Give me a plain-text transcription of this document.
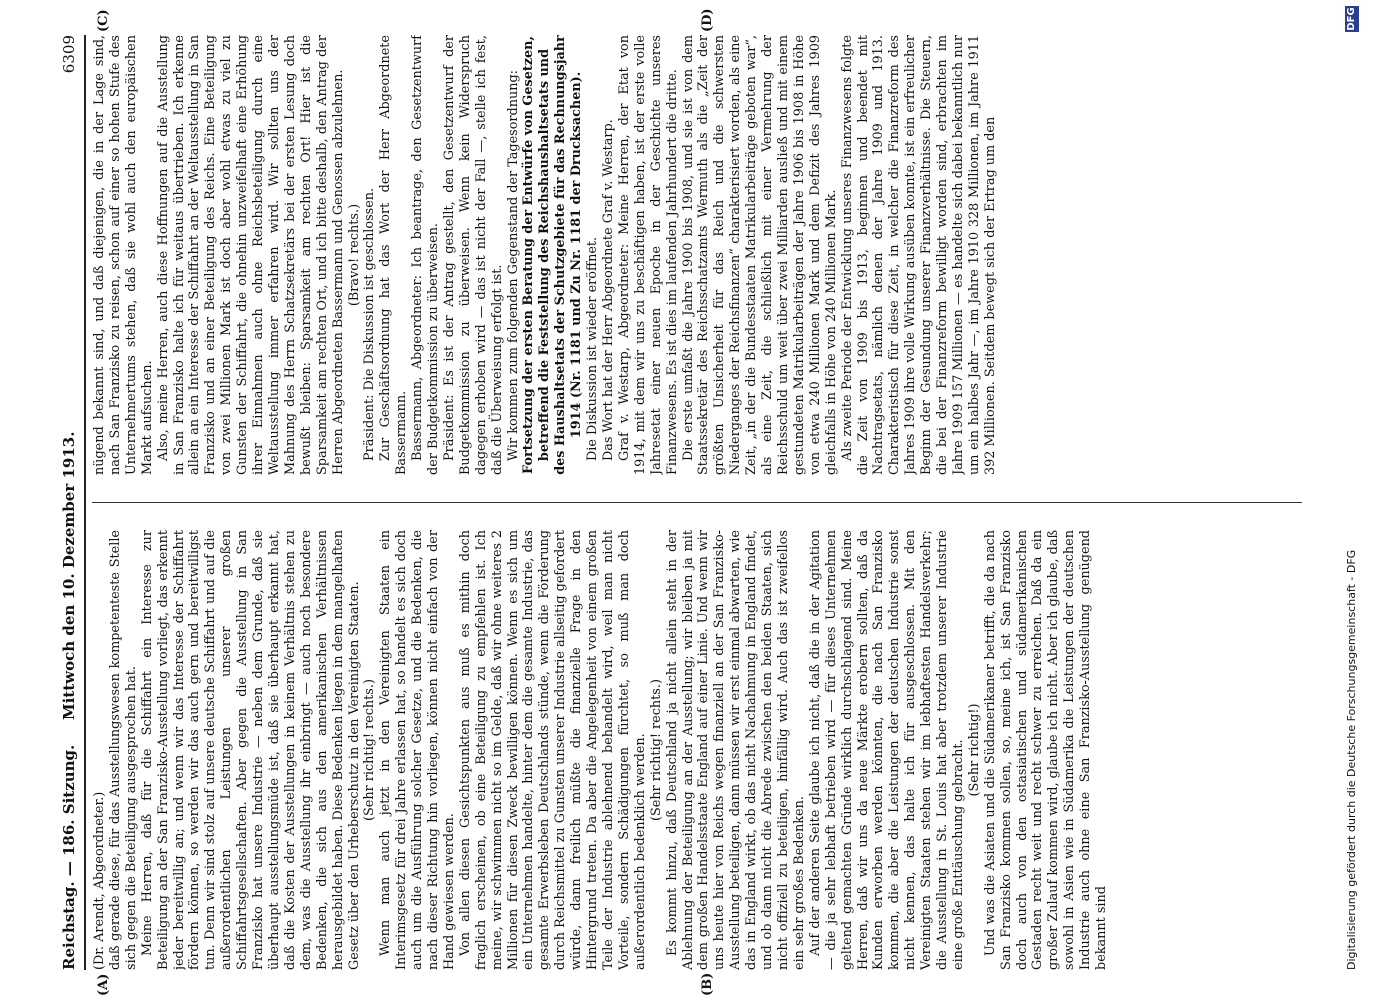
Reichstag. — 186. Sitzung.
Mittwoch den 10. Dezember 1913.
6309
(A)	(B)
(C)	(D)

(Dr. Arendt, Abgeordneter.) daß gerade diese, für das Ausstellungswesen kompetenteste Stelle sich gegen die Beteiligung ausgesprochen hat. Meine Herren, daß für die Schiffahrt ein Interesse zur Beteiligung an der San Franzisko-Ausstellung vorliegt, das erkennt jeder bereitwillig an; und wenn wir das Interesse der Schiffahrt fördern können, so werden wir das auch gern und bereitwilligst tun. Denn wir sind stolz auf unsere deutsche Schiffahrt und auf die außerordentlichen Leistungen unserer großen Schiffahrtsgesellschaften. Aber gegen die Ausstellung in San Franzisko hat unsere Industrie — neben dem Grunde, daß sie überhaupt ausstellungsmüde ist, daß sie überhaupt erkannt hat, daß die Kosten der Ausstellungen in keinem Verhältnis stehen zu dem, was die Ausstellung ihr einbringt — auch noch besondere Bedenken, die sich aus den amerikanischen Verhältnissen herausgebildet haben. Diese Bedenken liegen in dem mangelhaften Gesetz über den Urheberschutz in den Vereinigten Staaten. (Sehr richtig! rechts.) Wenn man auch jetzt in den Vereinigten Staaten ein Interimsgesetz für drei Jahre erlassen hat, so handelt es sich doch auch um die Ausführung solcher Gesetze, und die Bedenken, die nach dieser Richtung hin vorliegen, können nicht einfach von der Hand gewiesen werden. Von allen diesen Gesichtspunkten aus muß es mithin doch fraglich erscheinen, ob eine Beteiligung zu empfehlen ist. Ich meine, wir schwimmen nicht so im Gelde, daß wir ohne weiteres 2 Millionen für diesen Zweck bewilligen können. Wenn es sich um ein Unternehmen handelte, hinter dem die gesamte Industrie, das gesamte Erwerbsleben Deutschlands stünde, wenn die Förderung durch Reichsmittel zu Gunsten unserer Industrie allseitig gefordert würde, dann freilich müßte die finanzielle Frage in den Hintergrund treten. Da aber die Angelegenheit von einem großen Teile der Industrie ablehnend behandelt wird, weil man nicht Vorteile, sondern Schädigungen fürchtet, so muß man doch außerordentlich bedenklich werden. (Sehr richtig! rechts.) Es kommt hinzu, daß Deutschland ja nicht allein steht in der Ablehnung der Beteiligung an der Ausstellung; wir bleiben ja mit dem großen Handelsstaate England auf einer Linie. Und wenn wir uns heute hier von Reichs wegen finanziell an der San Franzisko-Ausstellung beteiligen, dann müssen wir erst einmal abwarten, wie das in England wirkt, ob das nicht Nachahmung in England findet, und ob dann nicht die Abrede zwischen den beiden Staaten, sich nicht offiziell zu beteiligen, hinfällig wird. Auch das ist zweifellos ein sehr großes Bedenken. Auf der anderen Seite glaube ich nicht, daß die in der Agitation — die ja sehr lebhaft betrieben wird — für dieses Unternehmen geltend gemachten Gründe wirklich durchschlagend sind. Meine Herren, daß wir uns da neue Märkte erobern sollten, daß da Kunden erworben werden könnten, die nach San Franzisko kommen, die aber die Leistungen der deutschen Industrie sonst nicht kennen, das halte ich für ausgeschlossen. Mit den Vereinigten Staaten stehen wir im lebhaftesten Handelsverkehr; die Ausstellung in St. Louis hat aber trotzdem unserer Industrie eine große Enttäuschung gebracht. (Sehr richtig!) Und was die Asiaten und die Südamerikaner betrifft, die da nach San Franzisko kommen sollen, so, meine ich, ist San Franzisko doch auch von den ostasiatischen und südamerikanischen Gestaden recht weit und recht schwer zu erreichen. Daß da ein großer Zulauf kommen wird, glaube ich nicht. Aber ich glaube, daß sowohl in Asien wie in Südamerika die Leistungen der deutschen Industrie auch ohne eine San Franzisko-Ausstellung genügend bekannt sind

nügend bekannt sind, und daß diejenigen, die in der Lage sind, nach San Franzisko zu reisen, schon auf einer so hohen Stufe des Unternehmertums stehen, daß sie wohl auch den europäischen Markt aufsuchen. Also, meine Herren, auch diese Hoffnungen auf die Ausstellung in San Franzisko halte ich für weitaus übertrieben. Ich erkenne allein an ein Interesse der Schiffahrt an der Weltausstellung in San Franzisko und an einer Beteiligung des Reichs. Eine Beteiligung von zwei Millionen Mark ist doch aber wohl etwas zu viel zu Gunsten der Schiffahrt, die ohnehin unzweifelhaft eine Erhöhung ihrer Einnahmen auch ohne Reichsbeteiligung durch eine Weltausstellung immer erfahren wird. Wir sollten uns der Mahnung des Herrn Schatzsekretärs bei der ersten Lesung doch bewußt bleiben: Sparsamkeit am rechten Ort! Hier ist die Sparsamkeit am rechten Ort, und ich bitte deshalb, den Antrag der Herren Abgeordneten Bassermann und Genossen abzulehnen. (Bravo! rechts.) Präsident: Die Diskussion ist geschlossen. Zur Geschäftsordnung hat das Wort der Herr Abgeordnete Bassermann. Bassermann, Abgeordneter: Ich beantrage, den Gesetzentwurf der Budgetkommission zu überweisen. Präsident: Es ist der Antrag gestellt, den Gesetzentwurf der Budgetkommission zu überweisen. Wenn kein Widerspruch dagegen erhoben wird — das ist nicht der Fall —, stelle ich fest, daß die Überweisung erfolgt ist. Wir kommen zum folgenden Gegenstand der Tagesordnung: Fortsetzung der ersten Beratung der Entwürfe von Gesetzen, betreffend die Feststellung des Reichshaushaltsetats und des Haushaltsetats der Schutzgebiete für das Rechnungsjahr 1914 (Nr. 1181 und Zu Nr. 1181 der Drucksachen). Die Diskussion ist wieder eröffnet. Das Wort hat der Herr Abgeordnete Graf v. Westarp. Graf v. Westarp, Abgeordneter: Meine Herren, der Etat von 1914, mit dem wir uns zu beschäftigen haben, ist der erste volle Jahresetat einer neuen Epoche in der Geschichte unseres Finanzwesens. Es ist dies im laufenden Jahrhundert die dritte. Die erste umfaßt die Jahre 1900 bis 1908, und sie ist von dem Staatssekretär des Reichsschatzamts Wermuth als die „Zeit der größten Unsicherheit für das Reich und die schwersten Niederganges der Reichsfinanzen“ charakterisiert worden, als eine Zeit, „in der die Bundesstaaten Matrikularbeiträge geboten war“, als eine Zeit, die schließlich mit einer Vermehrung der Reichsschuld um weit über zwei Milliarden ausließ und mit einem gestundeten Matrikularbeiträgen der Jahre 1906 bis 1908 in Höhe von etwa 240 Millionen Mark und dem Defizit des Jahres 1909 gleichfalls in Höhe von 240 Millionen Mark. Als zweite Periode der Entwicklung unseres Finanzwesens folgte die Zeit von 1909 bis 1913, beginnen und beendet mit Nachtragsetats, nämlich denen der Jahre 1909 und 1913. Charakteristisch für diese Zeit, in welcher die Finanzreform des Jahres 1909 ihre volle Wirkung ausüben konnte, ist ein erfreulicher Beginn der Gesundung unserer Finanzverhältnisse. Die Steuern, die bei der Finanzreform bewilligt worden sind, erbrachten im Jahre 1909 157 Millionen — es handelte sich dabei bekanntlich nur um ein halbes Jahr —, im Jahre 1910 328 Millionen, im Jahre 1911 392 Millionen. Seitdem bewegt sich der Ertrag um den

Digitalisierung gefördert durch die Deutsche Forschungsgemeinschaft - DFG
DFG
